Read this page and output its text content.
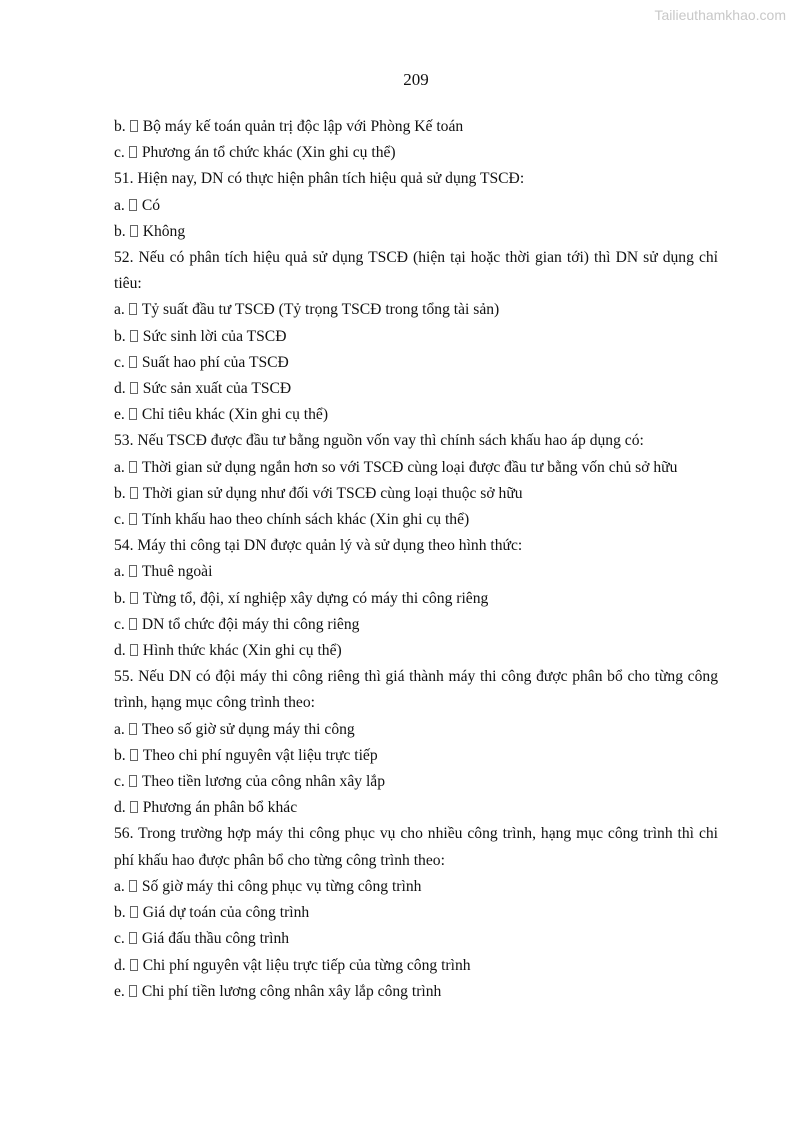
Tailieuthamkhao.com
209
b. Bộ máy kế toán quản trị độc lập với Phòng Kế toán
c. Phương án tổ chức khác (Xin ghi cụ thể)
51. Hiện nay, DN có thực hiện phân tích hiệu quả sử dụng TSCĐ:
a. Có
b. Không
52. Nếu có phân tích hiệu quả sử dụng TSCĐ (hiện tại hoặc thời gian tới) thì DN sử dụng chỉ tiêu:
a. Tỷ suất đầu tư TSCĐ (Tỷ trọng TSCĐ trong tổng tài sản)
b. Sức sinh lời của TSCĐ
c. Suất hao phí của TSCĐ
d. Sức sản xuất của TSCĐ
e. Chỉ tiêu khác (Xin ghi cụ thể)
53. Nếu TSCĐ được đầu tư bằng nguồn vốn vay thì chính sách khấu hao áp dụng có:
a. Thời gian sử dụng ngắn hơn so với TSCĐ cùng loại được đầu tư bằng vốn chủ sở hữu
b. Thời gian sử dụng như đối với TSCĐ cùng loại thuộc sở hữu
c. Tính khấu hao theo chính sách khác (Xin ghi cụ thể)
54. Máy thi công tại DN được quản lý và sử dụng theo hình thức:
a. Thuê ngoài
b. Từng tổ, đội, xí nghiệp xây dựng có máy thi công riêng
c. DN tổ chức đội máy thi công riêng
d. Hình thức khác (Xin ghi cụ thể)
55. Nếu DN có đội máy thi công riêng thì giá thành máy thi công được phân bổ cho từng công trình, hạng mục công trình theo:
a. Theo số giờ sử dụng máy thi công
b. Theo chi phí nguyên vật liệu trực tiếp
c. Theo tiền lương của công nhân xây lắp
d. Phương án phân bổ khác
56. Trong trường hợp máy thi công phục vụ cho nhiều công trình, hạng mục công trình thì chi phí khấu hao được phân bổ cho từng công trình theo:
a. Số giờ máy thi công phục vụ từng công trình
b. Giá dự toán của công trình
c. Giá đấu thầu công trình
d. Chi phí nguyên vật liệu trực tiếp của từng công trình
e. Chi phí tiền lương công nhân xây lắp công trình
